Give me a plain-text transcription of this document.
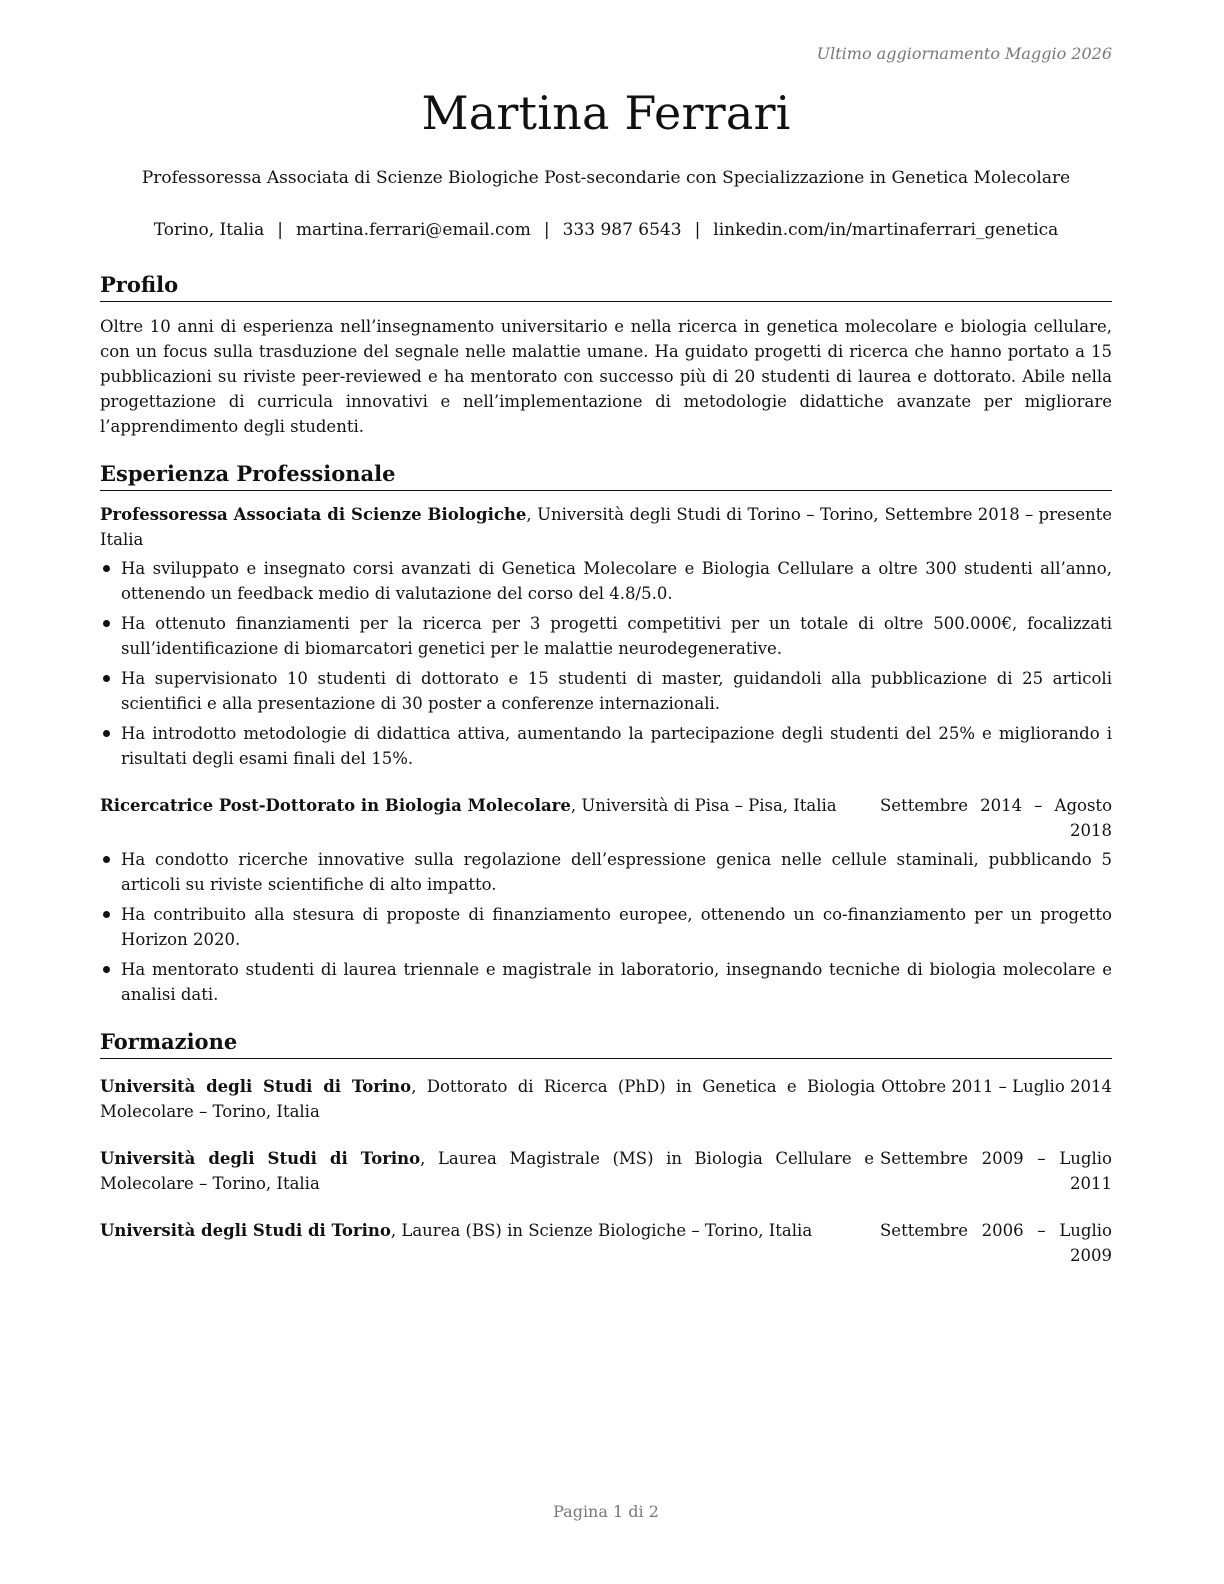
Ultimo aggiornamento Maggio 2026
Martina Ferrari
Professoressa Associata di Scienze Biologiche Post-secondarie con Specializzazione in Genetica Molecolare
Torino, Italia | martina.ferrari@email.com | 333 987 6543 | linkedin.com/in/martinaferrari_genetica
Profilo

Oltre 10 anni di esperienza nell’insegnamento universitario e nella ricerca in genetica molecolare e biologia cellulare, con un focus sulla trasduzione del segnale nelle malattie umane. Ha guidato progetti di ricerca che hanno portato a 15 pubblicazioni su riviste peer-reviewed e ha mentorato con successo più di 20 studenti di laurea e dottorato. Abile nella progettazione di curricula innovativi e nell’implementazione di metodologie didattiche avanzate per migliorare l’apprendimento degli studenti.

Esperienza Professionale
Professoressa Associata di Scienze Biologiche, Università degli Studi di Torino – Torino, Italia
Settembre 2018 – presente
Ha sviluppato e insegnato corsi avanzati di Genetica Molecolare e Biologia Cellulare a oltre 300 studenti all’anno, ottenendo un feedback medio di valutazione del corso del 4.8/5.0.
Ha ottenuto finanziamenti per la ricerca per 3 progetti competitivi per un totale di oltre 500.000€, focalizzati sull’identificazione di biomarcatori genetici per le malattie neurodegenerative.
Ha supervisionato 10 studenti di dottorato e 15 studenti di master, guidandoli alla pubblicazione di 25 articoli scientifici e alla presentazione di 30 poster a conferenze internazionali.
Ha introdotto metodologie di didattica attiva, aumentando la partecipazione degli studenti del 25% e migliorando i risultati degli esami finali del 15%.
Ricercatrice Post-Dottorato in Biologia Molecolare, Università di Pisa – Pisa, Italia	Settembre 2014 – Agosto 2018
Ha condotto ricerche innovative sulla regolazione dell’espressione genica nelle cellule staminali, pubblicando 5 articoli su riviste scientifiche di alto impatto.
Ha contribuito alla stesura di proposte di finanziamento europee, ottenendo un co-finanziamento per un progetto Horizon 2020.
Ha mentorato studenti di laurea triennale e magistrale in laboratorio, insegnando tecniche di biologia molecolare e analisi dati.
Formazione
Università degli Studi di Torino, Dottorato di Ricerca (PhD) in Genetica e Biologia Molecolare – Torino, Italia
Ottobre 2011 – Luglio 2014
Università degli Studi di Torino, Laurea Magistrale (MS) in Biologia Cellulare e Molecolare – Torino, Italia
Settembre 2009 – Luglio 2011
Università degli Studi di Torino, Laurea (BS) in Scienze Biologiche – Torino, Italia	Settembre 2006 – Luglio 2009
Pagina 1 di 2
